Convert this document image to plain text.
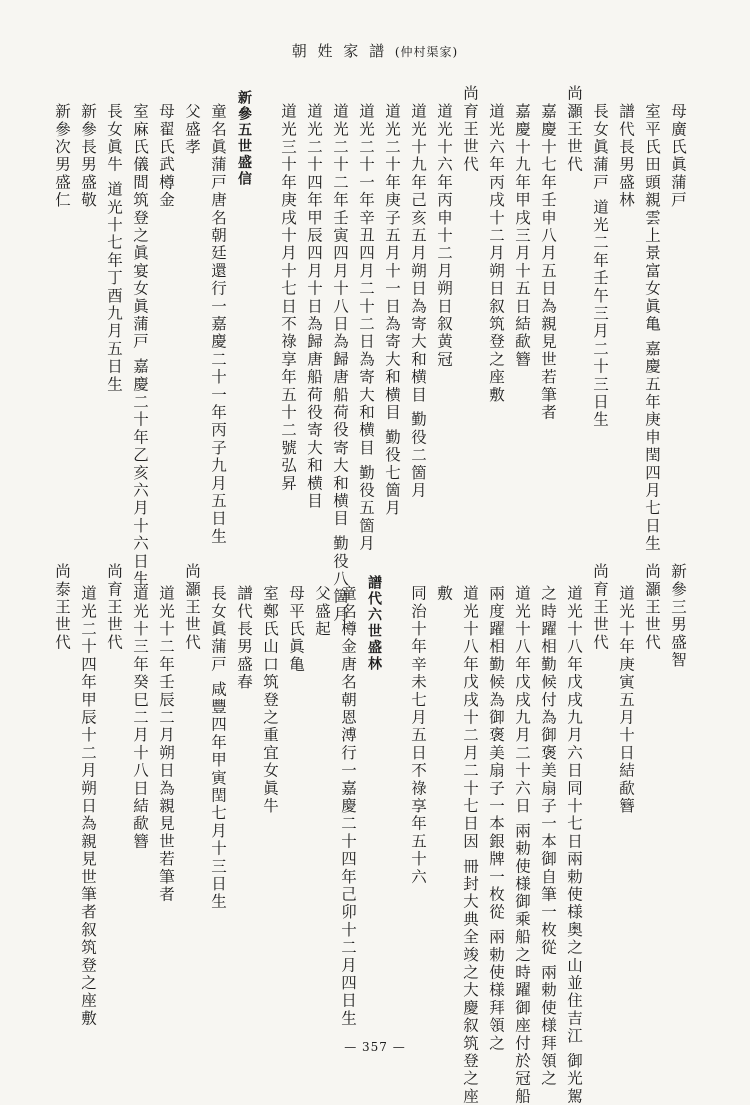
朝 姓 家 譜 (仲村渠家)
母廣氏眞蒲戸
室平氏田頭親雲上景富女眞亀 嘉慶五年庚申閏四月七日生
譜代長男盛林
長女眞蒲戸 道光二年壬午三月二十三日生
尚灝王世代
嘉慶十七年壬申八月五日為親見世若筆者
嘉慶十九年甲戌三月十五日結歃簪
道光六年丙戌十二月朔日叙筑登之座敷
尚育王世代
道光十六年丙申十二月朔日叙黄冠
道光十九年己亥五月朔日為寄大和横目 勤役二箇月
道光二十年庚子五月十一日為寄大和横目 勤役七箇月
道光二十一年辛丑四月二十二日為寄大和横目 勤役五箇月
道光二十二年壬寅四月十八日為歸唐船荷役寄大和横目 勤役八箇月
道光二十四年甲辰四月十日為歸唐船荷役寄大和横目
道光三十年庚戌十月十七日不祿享年五十二號弘昇
新參五世盛信
童名眞蒲戸唐名朝廷還行一嘉慶二十一年丙子九月五日生
父盛孝
母翟氏武樽金
室麻氏儀間筑登之眞宴女眞蒲戸 嘉慶二十年乙亥六月十六日生
長女眞牛 道光十七年丁酉九月五日生
新參長男盛敬
新參次男盛仁
新參三男盛智
尚灝王世代
道光十年庚寅五月十日結歃簪
尚育王世代
道光十八年戊戌九月六日同十七日兩勅使様奥之山並住吉江 御光駕
之時躍相勤候付為御褒美扇子一本御自筆一枚從 兩勅使様拜領之
道光十八年戊戌九月二十六日 兩勅使様御乘船之時躍御座付於冠船
兩度躍相勤候為御褒美扇子一本銀牌一枚從 兩勅使様拜領之
道光十八年戊戌十二月二十七日因 冊封大典全竣之大慶叙筑登之座
敷
同治十年辛未七月五日不祿享年五十六
譜代六世盛林
童名樽金唐名朝恩溥行一嘉慶二十四年己卯十二月四日生
父盛起
母平氏眞亀
室鄭氏山口筑登之重宜女眞牛
譜代長男盛春
長女眞蒲戸 咸豐四年甲寅閏七月十三日生
尚灝王世代
道光十二年壬辰二月朔日為親見世若筆者
道光十三年癸巳二月十八日結歃簪
尚育王世代
道光二十四年甲辰十二月朔日為親見世筆者叙筑登之座敷
尚泰王世代
— 357 —
